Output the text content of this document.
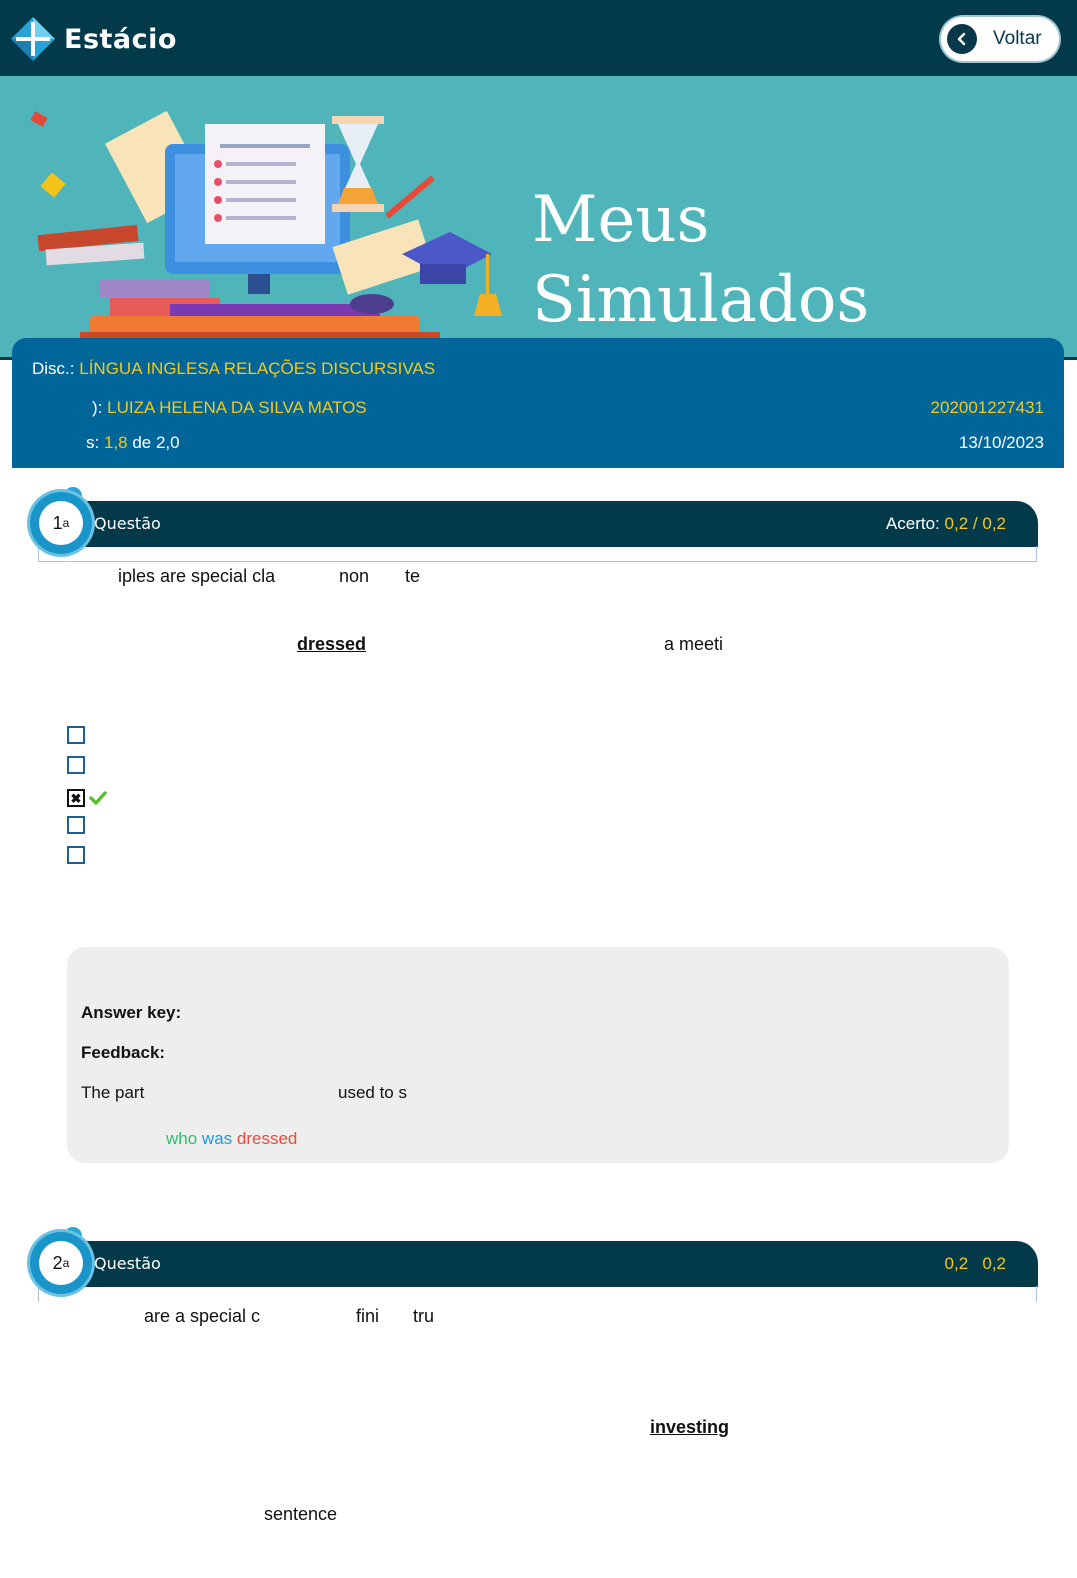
Estácio	Voltar
Meus Simulados
Disc.: LÍNGUA INGLESA RELAÇÕES DISCURSIVAS
): LUIZA HELENA DA SILVA MATOS	202001227431
s: 1,8 de 2,0	13/10/2023
Questão	Acerto: 0,2 / 0,2
1 a
iples are special cla	non te
dressed	a meeti
✖
Answer key:
Feedback:
The part	used to s
who was dressed
Questão	0,2 0,2
2 a
are a special c	fini tru
investing
sentence
